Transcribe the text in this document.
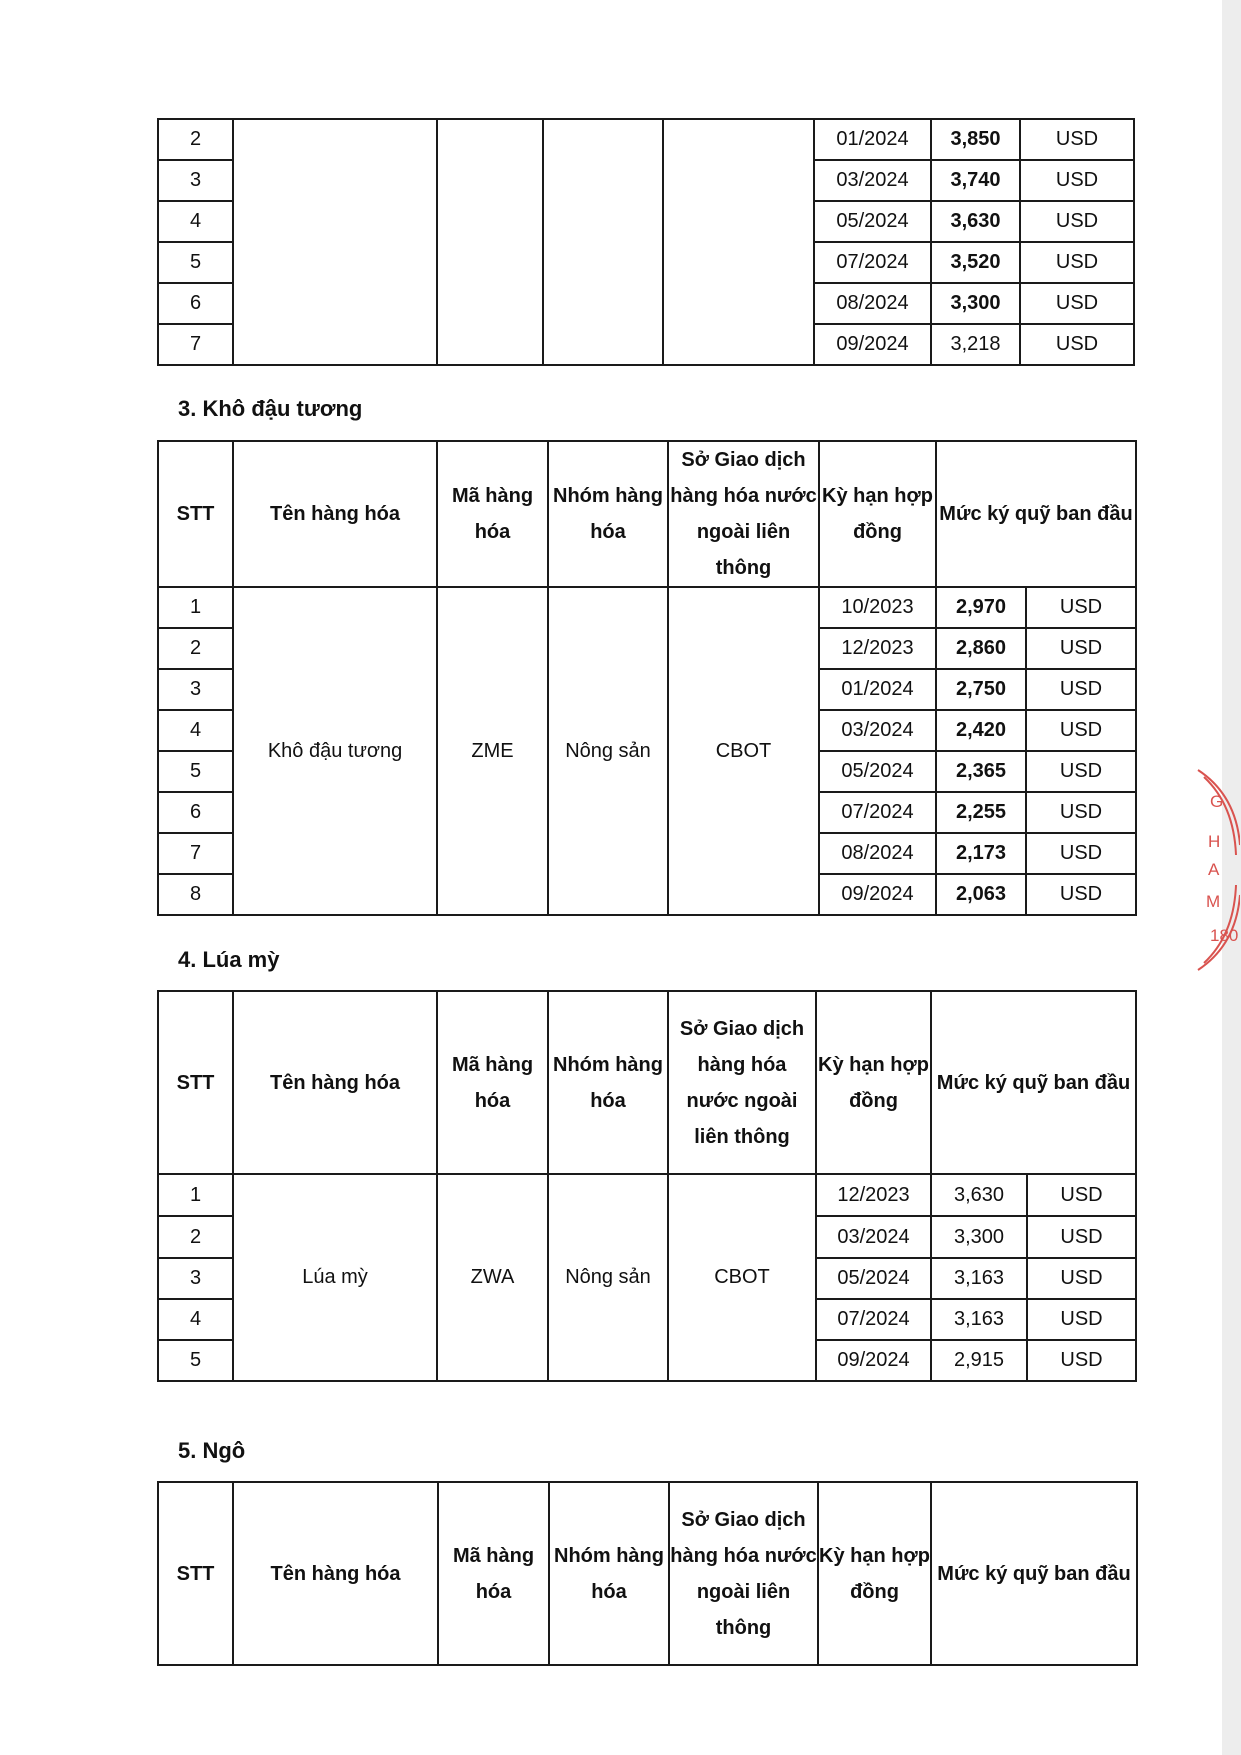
2					01/2024	3,850	USD
3					03/2024	3,740	USD
4					05/2024	3,630	USD
5					07/2024	3,520	USD
6					08/2024	3,300	USD
7					09/2024	3,218	USD
3. Khô đậu tương
STT	Tên hàng hóa	Mã hàng hóa	Nhóm hàng hóa	Sở Giao dịch hàng hóa nước ngoài liên thông	Kỳ hạn hợp đồng	Mức ký quỹ ban đầu	
1	Khô đậu tương	ZME	Nông sản	CBOT	10/2023	2,970	USD
2					12/2023	2,860	USD
3					01/2024	2,750	USD
4					03/2024	2,420	USD
5					05/2024	2,365	USD
6					07/2024	2,255	USD
7					08/2024	2,173	USD
8					09/2024	2,063	USD
4. Lúa mỳ
STT	Tên hàng hóa	Mã hàng hóa	Nhóm hàng hóa	Sở Giao dịch hàng hóa nước ngoài liên thông	Kỳ hạn hợp đồng	Mức ký quỹ ban đầu	
1	Lúa mỳ	ZWA	Nông sản	CBOT	12/2023	3,630	USD
2					03/2024	3,300	USD
3					05/2024	3,163	USD
4					07/2024	3,163	USD
5					09/2024	2,915	USD
5. Ngô
STT	Tên hàng hóa	Mã hàng hóa	Nhóm hàng hóa	Sở Giao dịch hàng hóa nước ngoài liên thông	Kỳ hạn hợp đồng	Mức ký quỹ ban đầu
G
H
A
M
180
